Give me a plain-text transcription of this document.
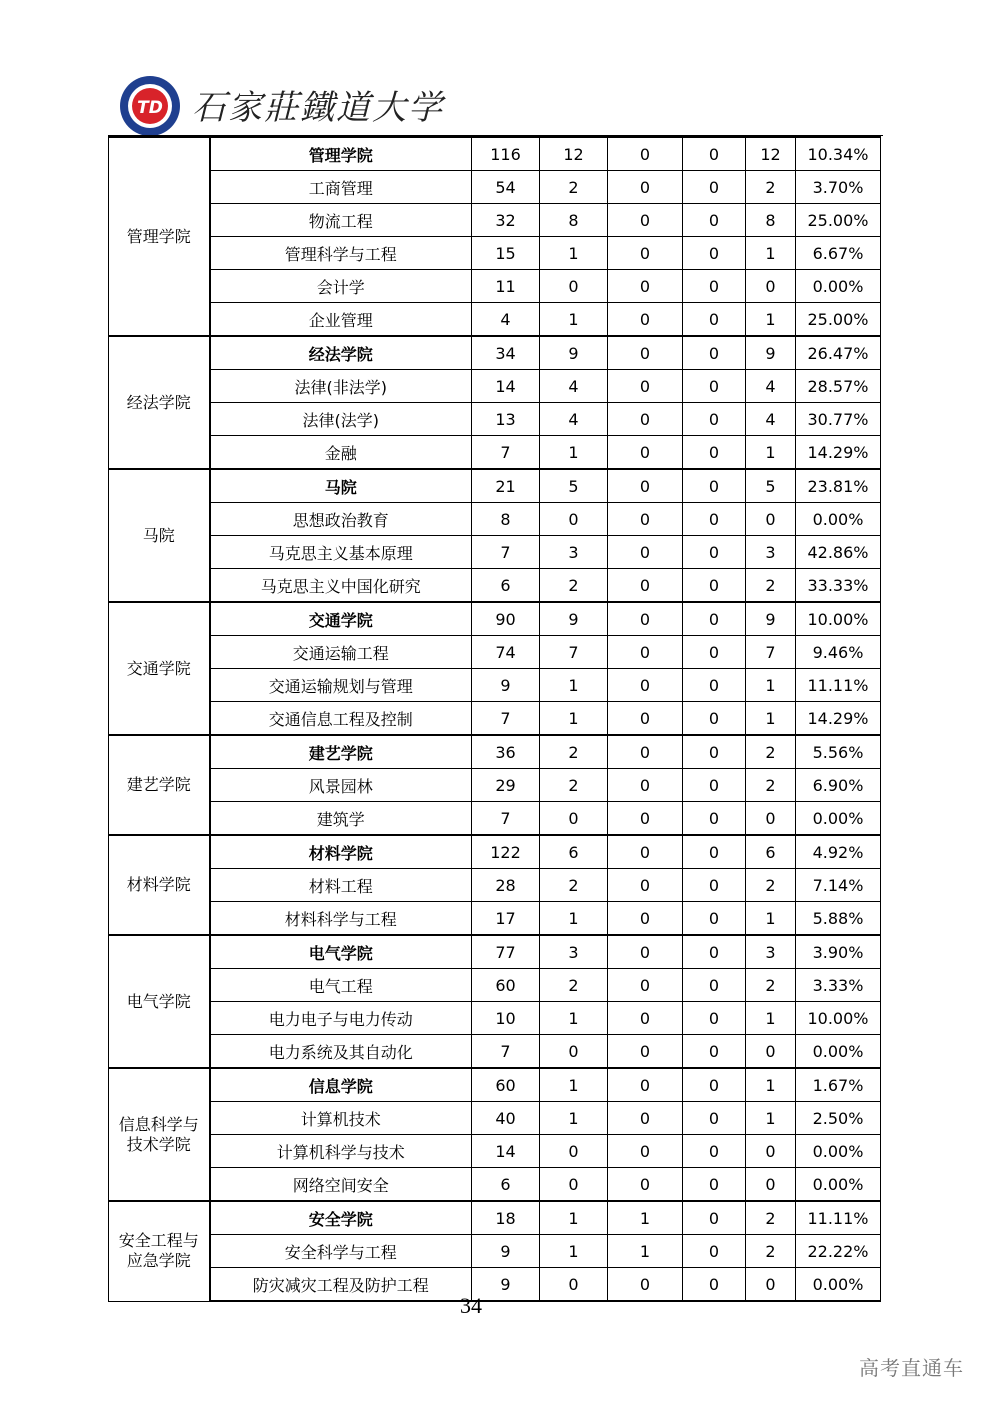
TD 石家莊鐵道大学
管理学院	管理学院	116	12	0	0	12	10.34%
	工商管理	54	2	0	0	2	3.70%
	物流工程	32	8	0	0	8	25.00%
	管理科学与工程	15	1	0	0	1	6.67%
	会计学	11	0	0	0	0	0.00%
	企业管理	4	1	0	0	1	25.00%
经法学院	经法学院	34	9	0	0	9	26.47%
	法律(非法学)	14	4	0	0	4	28.57%
	法律(法学)	13	4	0	0	4	30.77%
	金融	7	1	0	0	1	14.29%
马院	马院	21	5	0	0	5	23.81%
	思想政治教育	8	0	0	0	0	0.00%
	马克思主义基本原理	7	3	0	0	3	42.86%
	马克思主义中国化研究	6	2	0	0	2	33.33%
交通学院	交通学院	90	9	0	0	9	10.00%
	交通运输工程	74	7	0	0	7	9.46%
	交通运输规划与管理	9	1	0	0	1	11.11%
	交通信息工程及控制	7	1	0	0	1	14.29%
建艺学院	建艺学院	36	2	0	0	2	5.56%
	风景园林	29	2	0	0	2	6.90%
	建筑学	7	0	0	0	0	0.00%
材料学院	材料学院	122	6	0	0	6	4.92%
	材料工程	28	2	0	0	2	7.14%
	材料科学与工程	17	1	0	0	1	5.88%
电气学院	电气学院	77	3	0	0	3	3.90%
	电气工程	60	2	0	0	2	3.33%
	电力电子与电力传动	10	1	0	0	1	10.00%
	电力系统及其自动化	7	0	0	0	0	0.00%
信息科学与技术学院	信息学院	60	1	0	0	1	1.67%
	计算机技术	40	1	0	0	1	2.50%
	计算机科学与技术	14	0	0	0	0	0.00%
	网络空间安全	6	0	0	0	0	0.00%
安全工程与应急学院	安全学院	18	1	1	0	2	11.11%
	安全科学与工程	9	1	1	0	2	22.22%
	防灾减灾工程及防护工程	9	0	0	0	0	0.00%
34
高考直通车
